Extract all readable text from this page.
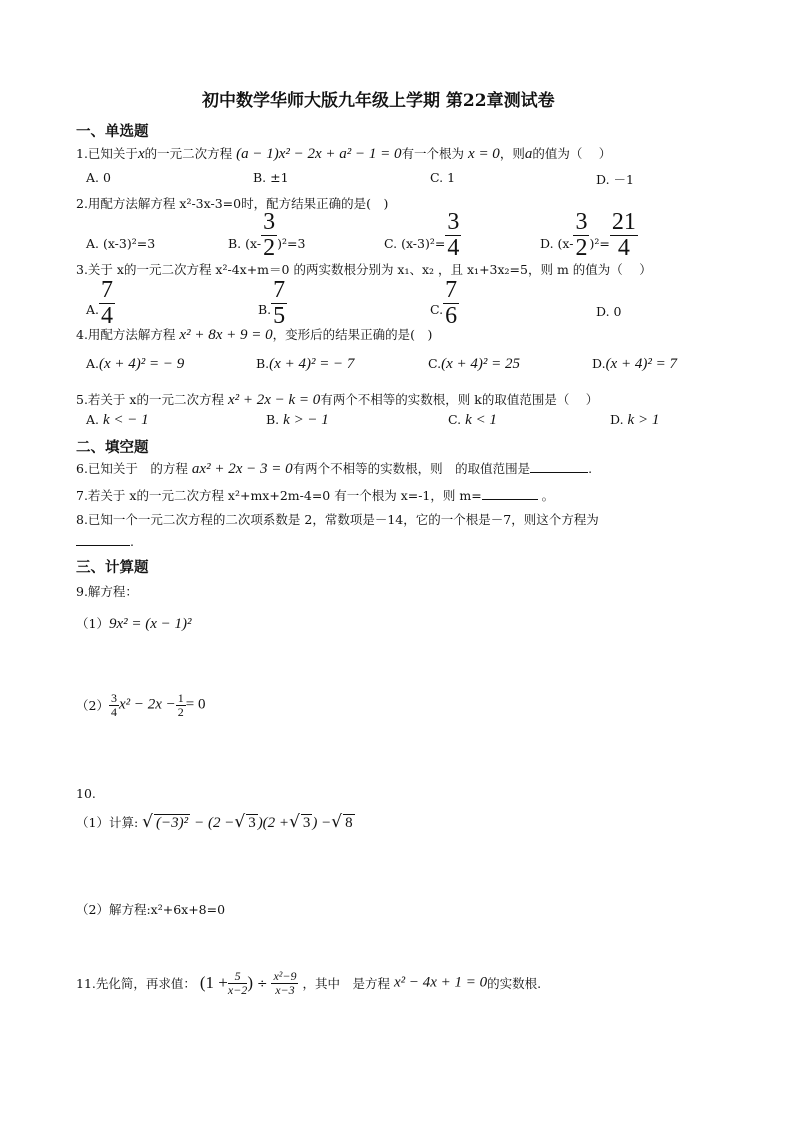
初中数学华师大版九年级上学期 第22章测试卷
一、单选题
1.已知关于x的一元二次方程 (a − 1)x² − 2x + a² − 1 = 0有一个根为 x = 0，则a的值为（　 ）
A. 0	B. ±1	C. 1	D. －1
2.用配方法解方程 x²-3x-3=0时，配方结果正确的是(　)
A. (x-3)²=3	B. $(x- \frac{3}{2} )^2=3$	C. $(x-3)^2= \frac{3}{4}$	D. $(x- \frac{3}{2} )^2= \frac{21}{4}$
3.关于 x的一元二次方程 x²-4x+m＝0 的两实数根分别为 x₁、x₂ ，且 x₁+3x₂=5，则 m 的值为（　 ）
A. $\frac{7}{4}$	B. $\frac{7}{5}$	C. $\frac{7}{6}$	D. 0
4.用配方法解方程 x² + 8x + 9 = 0，变形后的结果正确的是(　)
A.(x + 4)² = − 9	B.(x + 4)² = − 7	C.(x + 4)² = 25	D.(x + 4)² = 7
5.若关于 x的一元二次方程 x² + 2x − k = 0有两个不相等的实数根，则 k的取值范围是（　 ）
A. k < − 1	B. k > − 1	C. k < 1	D. k > 1
二、填空题
6.已知关于　的方程 ax² + 2x − 3 = 0有两个不相等的实数根，则　的取值范围是	.
7.若关于 x的一元二次方程 x²+mx+2m-4=0 有一个根为 x=-1，则 m=	。
8.已知一个一元二次方程的二次项系数是 2，常数项是－14，它的一个根是－7，则这个方程为
.
三、计算题
9.解方程：
（1）9x² = (x − 1)²
$(2) \frac{3}{4} x^2 - 2x - \frac{1}{2} = 0$
10.
（1）计算: √ (−3)² − (2 −√ 3 )(2 +√ 3 ) −√ 8
（2）解方程:x²+6x+8=0
11.先化简，再求值： ($1 + \frac{5}{x-2}$ ) ÷ $\frac{\text{x²−9}}{x-3}$ ，其中　是方程 x² − 4x + 1 = 0的实数根.
